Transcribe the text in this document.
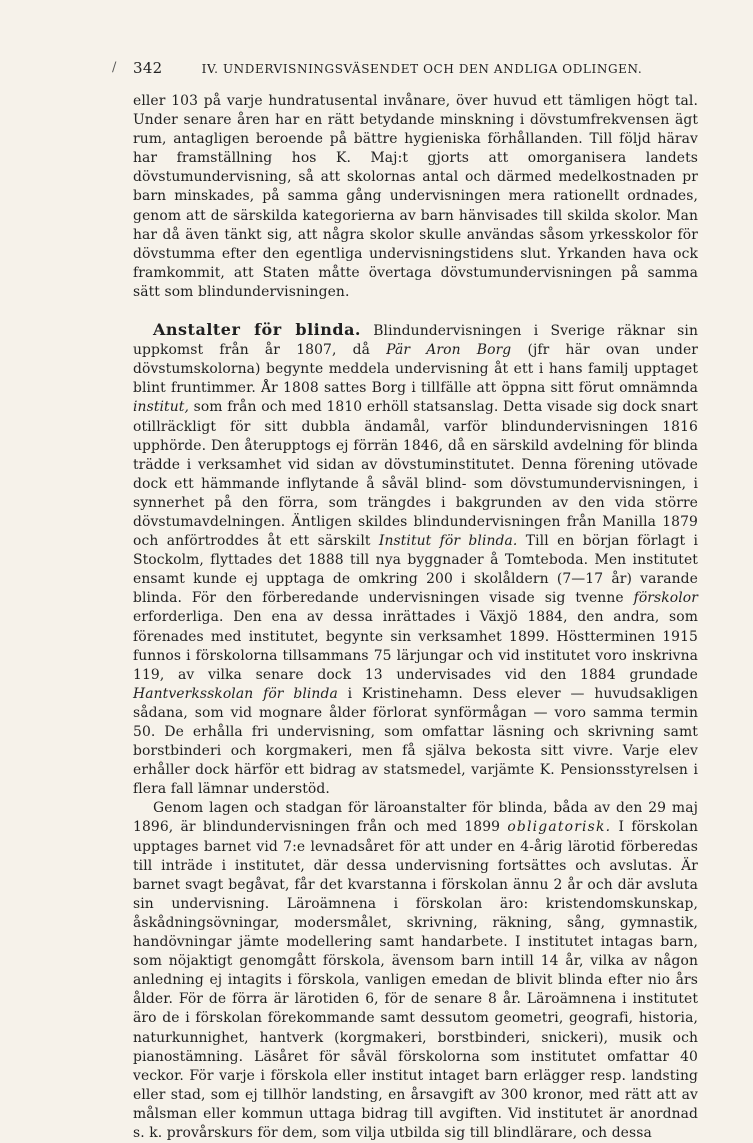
/ 342	IV. UNDERVISNINGSVÄSENDET OCH DEN ANDLIGA ODLINGEN.

eller 103 på varje hundratusental invånare, över huvud ett tämligen högt tal. Under senare åren har en rätt betydande minskning i dövstumfrekvensen ägt rum, antagligen beroende på bättre hygieniska förhållanden. Till följd härav har framställning hos K. Maj:t gjorts att omorganisera landets dövstumundervisning, så att skolornas antal och därmed medelkostnaden pr barn minskades, på samma gång undervisningen mera rationellt ordnades, genom att de särskilda kategorierna av barn hänvisades till skilda skolor. Man har då även tänkt sig, att några skolor skulle användas såsom yrkesskolor för dövstumma efter den egentliga undervisningstidens slut. Yrkanden hava ock framkommit, att Staten måtte övertaga dövstumundervisningen på samma sätt som blindundervisningen.

Anstalter för blinda. Blindundervisningen i Sverige räknar sin uppkomst från år 1807, då Pär Aron Borg (jfr här ovan under dövstumskolorna) begynte meddela undervisning åt ett i hans familj upptaget blint fruntimmer. År 1808 sattes Borg i tillfälle att öppna sitt förut omnämnda institut, som från och med 1810 erhöll statsanslag. Detta visade sig dock snart otillräckligt för sitt dubbla ändamål, varför blindundervisningen 1816 upphörde. Den återupptogs ej förrän 1846, då en särskild avdelning för blinda trädde i verksamhet vid sidan av dövstuminstitutet. Denna förening utövade dock ett hämmande inflytande å såväl blind- som dövstumundervisningen, i synnerhet på den förra, som trängdes i bakgrunden av den vida större dövstumavdelningen. Äntligen skildes blindundervisningen från Manilla 1879 och anförtroddes åt ett särskilt Institut för blinda. Till en början förlagt i Stockolm, flyttades det 1888 till nya byggnader å Tomteboda. Men institutet ensamt kunde ej upptaga de omkring 200 i skolåldern (7—17 år) varande blinda. För den förberedande undervisningen visade sig tvenne förskolor erforderliga. Den ena av dessa inrättades i Växjö 1884, den andra, som förenades med institutet, begynte sin verksamhet 1899. Höstterminen 1915 funnos i förskolorna tillsammans 75 lärjungar och vid institutet voro inskrivna 119, av vilka senare dock 13 undervisades vid den 1884 grundade Hantverksskolan för blinda i Kristinehamn. Dess elever — huvudsakligen sådana, som vid mognare ålder förlorat synförmågan — voro samma termin 50. De erhålla fri undervisning, som omfattar läsning och skrivning samt borstbinderi och korgmakeri, men få själva bekosta sitt vivre. Varje elev erhåller dock härför ett bidrag av statsmedel, varjämte K. Pensionsstyrelsen i flera fall lämnar understöd.

Genom lagen och stadgan för läroanstalter för blinda, båda av den 29 maj 1896, är blindundervisningen från och med 1899 obligatorisk. I förskolan upptages barnet vid 7:e levnadsåret för att under en 4-årig lärotid förberedas till inträde i institutet, där dessa undervisning fortsättes och avslutas. Är barnet svagt begåvat, får det kvarstanna i förskolan ännu 2 år och där avsluta sin undervisning. Läroämnena i förskolan äro: kristendomskunskap, åskådningsövningar, modersmålet, skrivning, räkning, sång, gymnastik, handövningar jämte modellering samt handarbete. I institutet intagas barn, som nöjaktigt genomgått förskola, ävensom barn intill 14 år, vilka av någon anledning ej intagits i förskola, vanligen emedan de blivit blinda efter nio års ålder. För de förra är lärotiden 6, för de senare 8 år. Läroämnena i institutet äro de i förskolan förekommande samt dessutom geometri, geografi, historia, naturkunnighet, hantverk (korgmakeri, borstbinderi, snickeri), musik och pianostämning. Läsåret för såväl förskolorna som institutet omfattar 40 veckor. För varje i förskola eller institut intaget barn erlägger resp. landsting eller stad, som ej tillhör landsting, en årsavgift av 300 kronor, med rätt att av målsman eller kommun uttaga bidrag till avgiften. Vid institutet är anordnad s. k. provårskurs för dem, som vilja utbilda sig till blindlärare, och dessa
